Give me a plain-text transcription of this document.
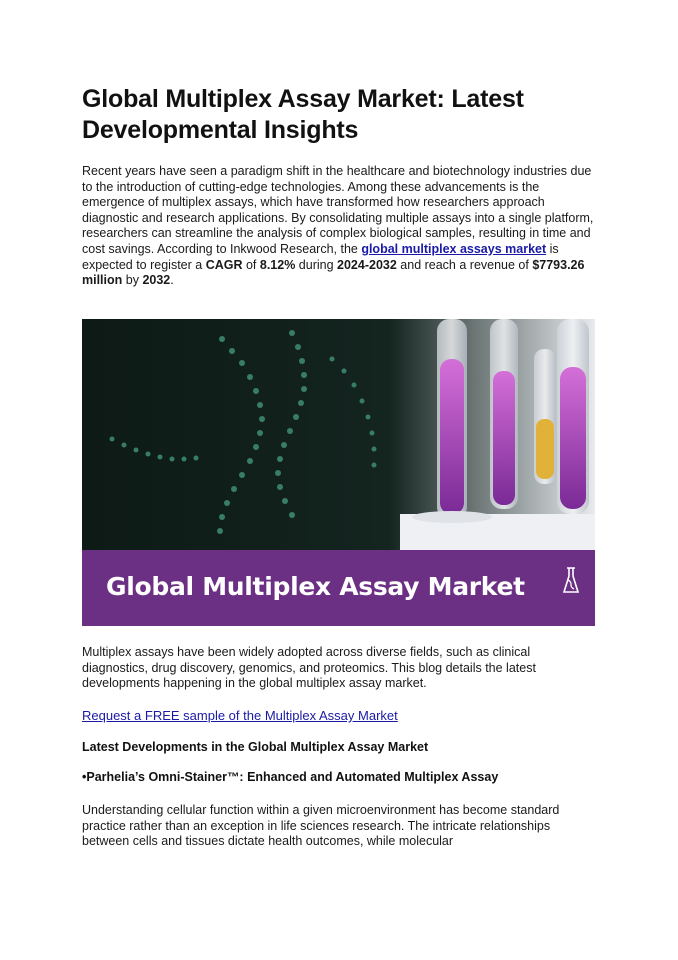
Global Multiplex Assay Market: Latest Developmental Insights

Recent years have seen a paradigm shift in the healthcare and biotechnology industries due to the introduction of cutting-edge technologies. Among these advancements is the emergence of multiplex assays, which have transformed how researchers approach diagnostic and research applications. By consolidating multiple assays into a single platform, researchers can streamline the analysis of complex biological samples, resulting in time and cost savings. According to Inkwood Research, the global multiplex assays market is expected to register a CAGR of 8.12% during 2024-2032 and reach a revenue of $7793.26 million by 2032.

Global Multiplex Assay Market

Multiplex assays have been widely adopted across diverse fields, such as clinical diagnostics, drug discovery, genomics, and proteomics. This blog details the latest developments happening in the global multiplex assay market.

Request a FREE sample of the Multiplex Assay Market

Latest Developments in the Global Multiplex Assay Market

•Parhelia’s Omni-Stainer™: Enhanced and Automated Multiplex Assay

Understanding cellular function within a given microenvironment has become standard practice rather than an exception in life sciences research. The intricate relationships between cells and tissues dictate health outcomes, while molecular
